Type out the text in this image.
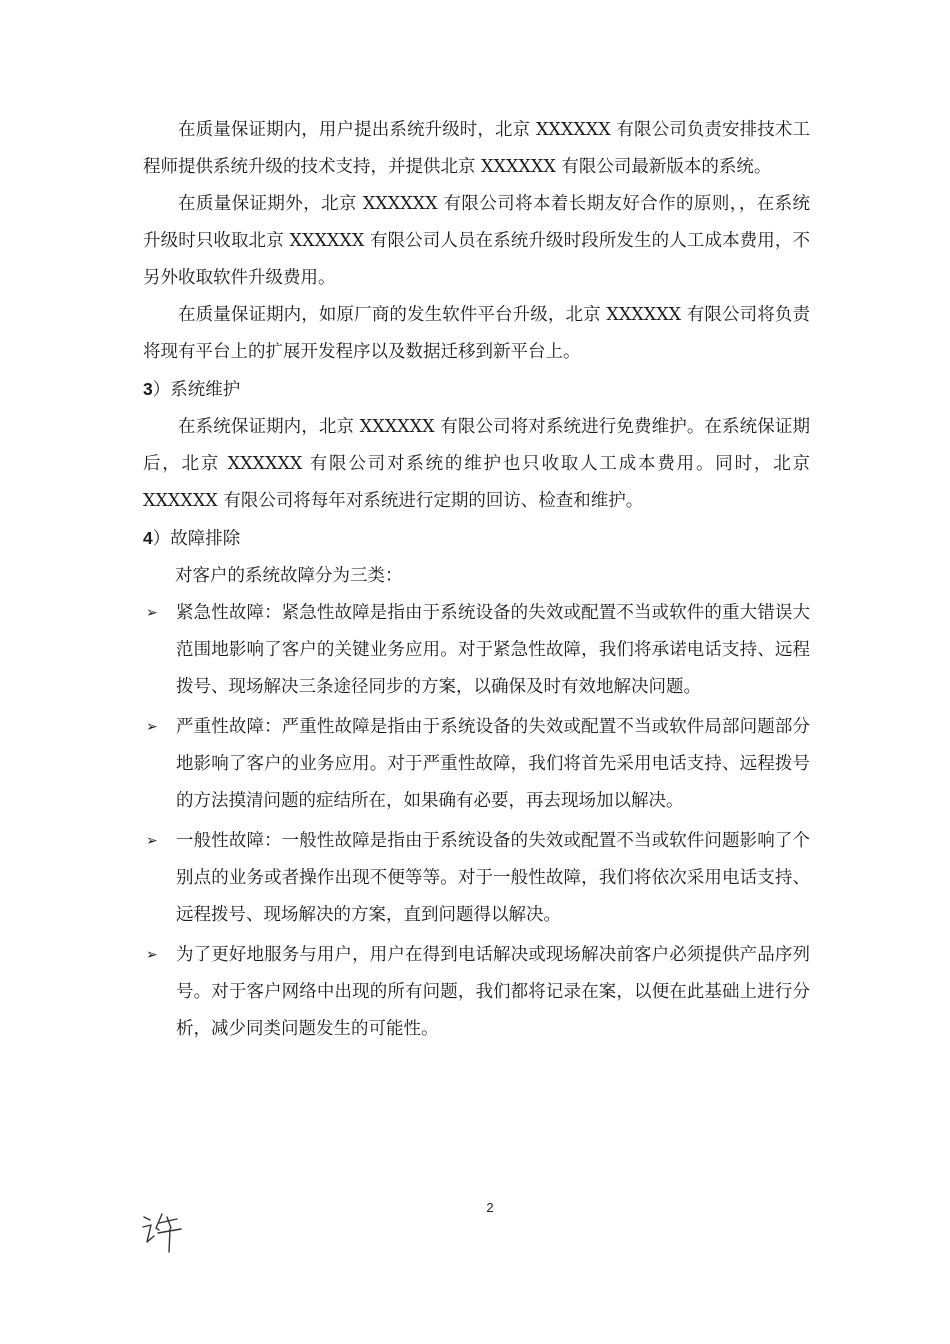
在质量保证期内，用户提出系统升级时，北京 XXXXXX 有限公司负责安排技术工程师提供系统升级的技术支持，并提供北京 XXXXXX 有限公司最新版本的系统。

在质量保证期外，北京 XXXXXX 有限公司将本着长期友好合作的原则，，在系统升级时只收取北京 XXXXXX 有限公司人员在系统升级时段所发生的人工成本费用，不另外收取软件升级费用。

在质量保证期内，如原厂商的发生软件平台升级，北京 XXXXXX 有限公司将负责将现有平台上的扩展开发程序以及数据迁移到新平台上。

3）系统维护

在系统保证期内，北京 XXXXXX 有限公司将对系统进行免费维护。在系统保证期后，北京 XXXXXX 有限公司对系统的维护也只收取人工成本费用。同时，北京 XXXXXX 有限公司将每年对系统进行定期的回访、检查和维护。

4）故障排除

对客户的系统故障分为三类：

➢ 紧急性故障：紧急性故障是指由于系统设备的失效或配置不当或软件的重大错误大范围地影响了客户的关键业务应用。对于紧急性故障，我们将承诺电话支持、远程拨号、现场解决三条途径同步的方案，以确保及时有效地解决问题。
➢ 严重性故障：严重性故障是指由于系统设备的失效或配置不当或软件局部问题部分地影响了客户的业务应用。对于严重性故障，我们将首先采用电话支持、远程拨号的方法摸清问题的症结所在，如果确有必要，再去现场加以解决。
➢ 一般性故障：一般性故障是指由于系统设备的失效或配置不当或软件问题影响了个别点的业务或者操作出现不便等等。对于一般性故障，我们将依次采用电话支持、远程拨号、现场解决的方案，直到问题得以解决。
➢ 为了更好地服务与用户，用户在得到电话解决或现场解决前客户必须提供产品序列号。对于客户网络中出现的所有问题，我们都将记录在案，以便在此基础上进行分析，减少同类问题发生的可能性。
2
